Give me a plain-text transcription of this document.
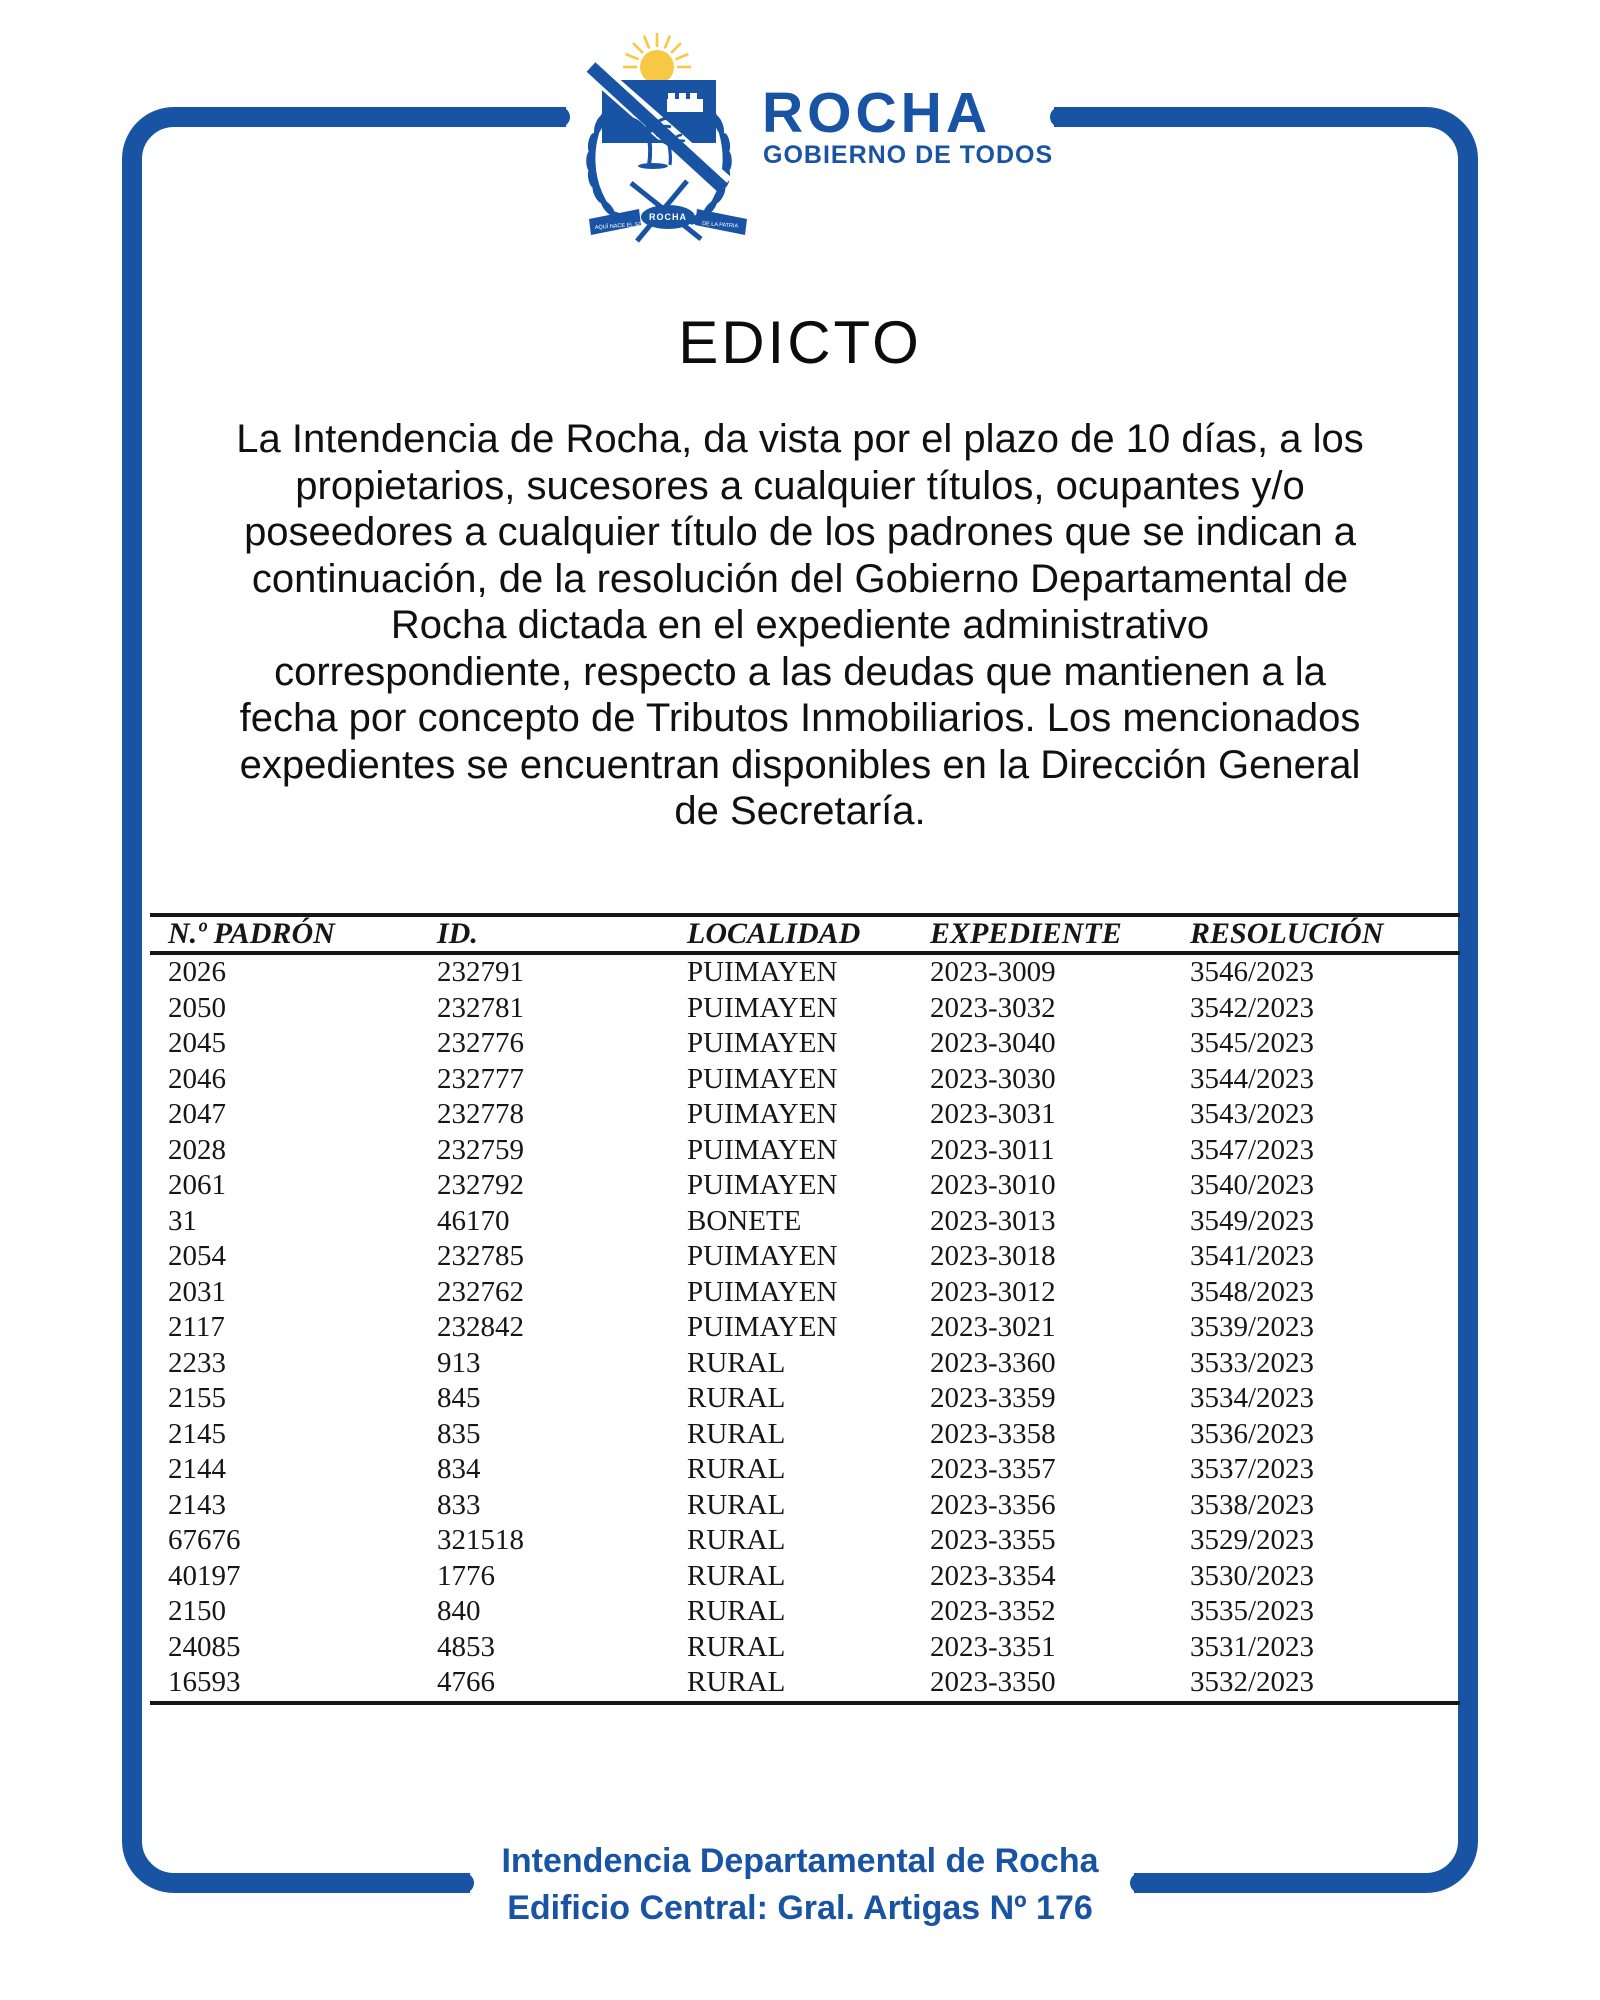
AQUÍ NACE EL SOL	DE LA PATRIA
ROCHA
ROCHA
GOBIERNO DE TODOS
EDICTO
La Intendencia de Rocha, da vista por el plazo de 10 días, a los
propietarios, sucesores a cualquier títulos, ocupantes y/o
poseedores a cualquier título de los padrones que se indican a
continuación, de la resolución del Gobierno Departamental de
Rocha dictada en el expediente administrativo
correspondiente, respecto a las deudas que mantienen a la
fecha por concepto de Tributos Inmobiliarios. Los mencionados
expedientes se encuentran disponibles en la Dirección General
de Secretaría.
N.º PADRÓN	ID.	LOCALIDAD	EXPEDIENTE	RESOLUCIÓN
2026	232791	PUIMAYEN	2023-3009	3546/2023
2050	232781	PUIMAYEN	2023-3032	3542/2023
2045	232776	PUIMAYEN	2023-3040	3545/2023
2046	232777	PUIMAYEN	2023-3030	3544/2023
2047	232778	PUIMAYEN	2023-3031	3543/2023
2028	232759	PUIMAYEN	2023-3011	3547/2023
2061	232792	PUIMAYEN	2023-3010	3540/2023
31	46170	BONETE	2023-3013	3549/2023
2054	232785	PUIMAYEN	2023-3018	3541/2023
2031	232762	PUIMAYEN	2023-3012	3548/2023
2117	232842	PUIMAYEN	2023-3021	3539/2023
2233	913	RURAL	2023-3360	3533/2023
2155	845	RURAL	2023-3359	3534/2023
2145	835	RURAL	2023-3358	3536/2023
2144	834	RURAL	2023-3357	3537/2023
2143	833	RURAL	2023-3356	3538/2023
67676	321518	RURAL	2023-3355	3529/2023
40197	1776	RURAL	2023-3354	3530/2023
2150	840	RURAL	2023-3352	3535/2023
24085	4853	RURAL	2023-3351	3531/2023
16593	4766	RURAL	2023-3350	3532/2023
Intendencia Departamental de Rocha
Edificio Central: Gral. Artigas Nº 176
